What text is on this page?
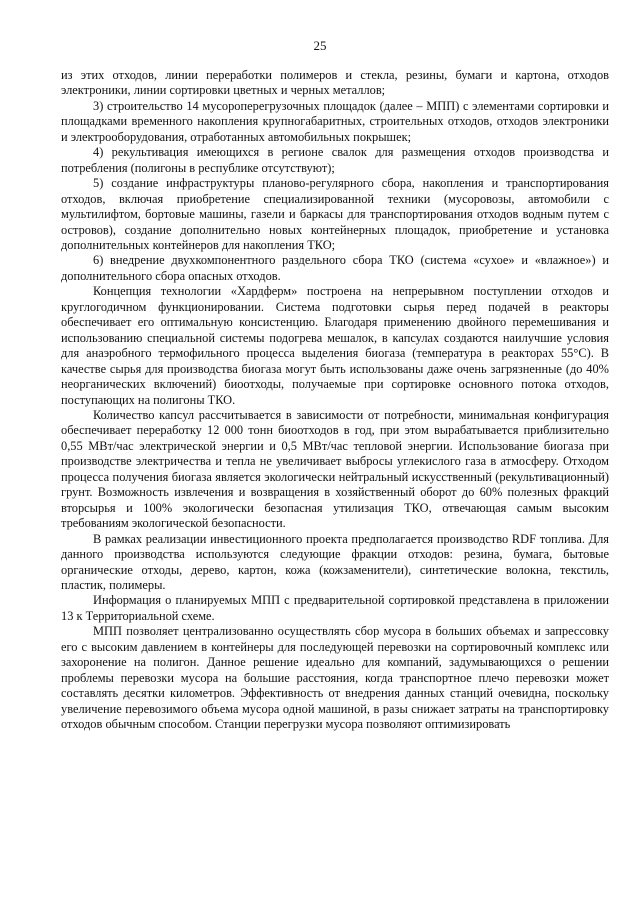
25

из этих отходов, линии переработки полимеров и стекла, резины, бумаги и картона, отходов электроники, линии сортировки цветных и черных металлов;

3) строительство 14 мусороперегрузочных площадок (далее – МПП) с элементами сортировки и площадками временного накопления крупногабаритных, строительных отходов, отходов электроники и электрооборудования, отработанных автомобильных покрышек;

4) рекультивация имеющихся в регионе свалок для размещения отходов производства и потребления (полигоны в республике отсутствуют);

5) создание инфраструктуры планово-регулярного сбора, накопления и транспортирования отходов, включая приобретение специализированной техники (мусоровозы, автомобили с мультилифтом, бортовые машины, газели и баркасы для транспортирования отходов водным путем с островов), создание дополнительно новых контейнерных площадок, приобретение и установка дополнительных контейнеров для накопления ТКО;

6) внедрение двухкомпонентного раздельного сбора ТКО (система «сухое» и «влажное») и дополнительного сбора опасных отходов.

Концепция технологии «Хардферм» построена на непрерывном поступлении отходов и круглогодичном функционировании. Система подготовки сырья перед подачей в реакторы обеспечивает его оптимальную консистенцию. Благодаря применению двойного перемешивания и использованию специальной системы подогрева мешалок, в капсулах создаются наилучшие условия для анаэробного термофильного процесса выделения биогаза (температура в реакторах 55°C). В качестве сырья для производства биогаза могут быть использованы даже очень загрязненные (до 40% неорганических включений) биоотходы, получаемые при сортировке основного потока отходов, поступающих на полигоны ТКО.

Количество капсул рассчитывается в зависимости от потребности, минимальная конфигурация обеспечивает переработку 12 000 тонн биоотходов в год, при этом вырабатывается приблизительно 0,55 МВт/час электрической энергии и 0,5 МВт/час тепловой энергии. Использование биогаза при производстве электричества и тепла не увеличивает выбросы углекислого газа в атмосферу. Отходом процесса получения биогаза является экологически нейтральный искусственный (рекультивационный) грунт. Возможность извлечения и возвращения в хозяйственный оборот до 60% полезных фракций вторсырья и 100% экологически безопасная утилизация ТКО, отвечающая самым высоким требованиям экологической безопасности.

В рамках реализации инвестиционного проекта предполагается производство RDF топлива. Для данного производства используются следующие фракции отходов: резина, бумага, бытовые органические отходы, дерево, картон, кожа (кожзаменители), синтетические волокна, текстиль, пластик, полимеры.

Информация о планируемых МПП с предварительной сортировкой представлена в приложении 13 к Территориальной схеме.

МПП позволяет централизованно осуществлять сбор мусора в больших объемах и запрессовку его с высоким давлением в контейнеры для последующей перевозки на сортировочный комплекс или захоронение на полигон. Данное решение идеально для компаний, задумывающихся о решении проблемы перевозки мусора на большие расстояния, когда транспортное плечо перевозки может составлять десятки километров. Эффективность от внедрения данных станций очевидна, поскольку увеличение перевозимого объема мусора одной машиной, в разы снижает затраты на транспортировку отходов обычным способом. Станции перегрузки мусора позволяют оптимизировать
